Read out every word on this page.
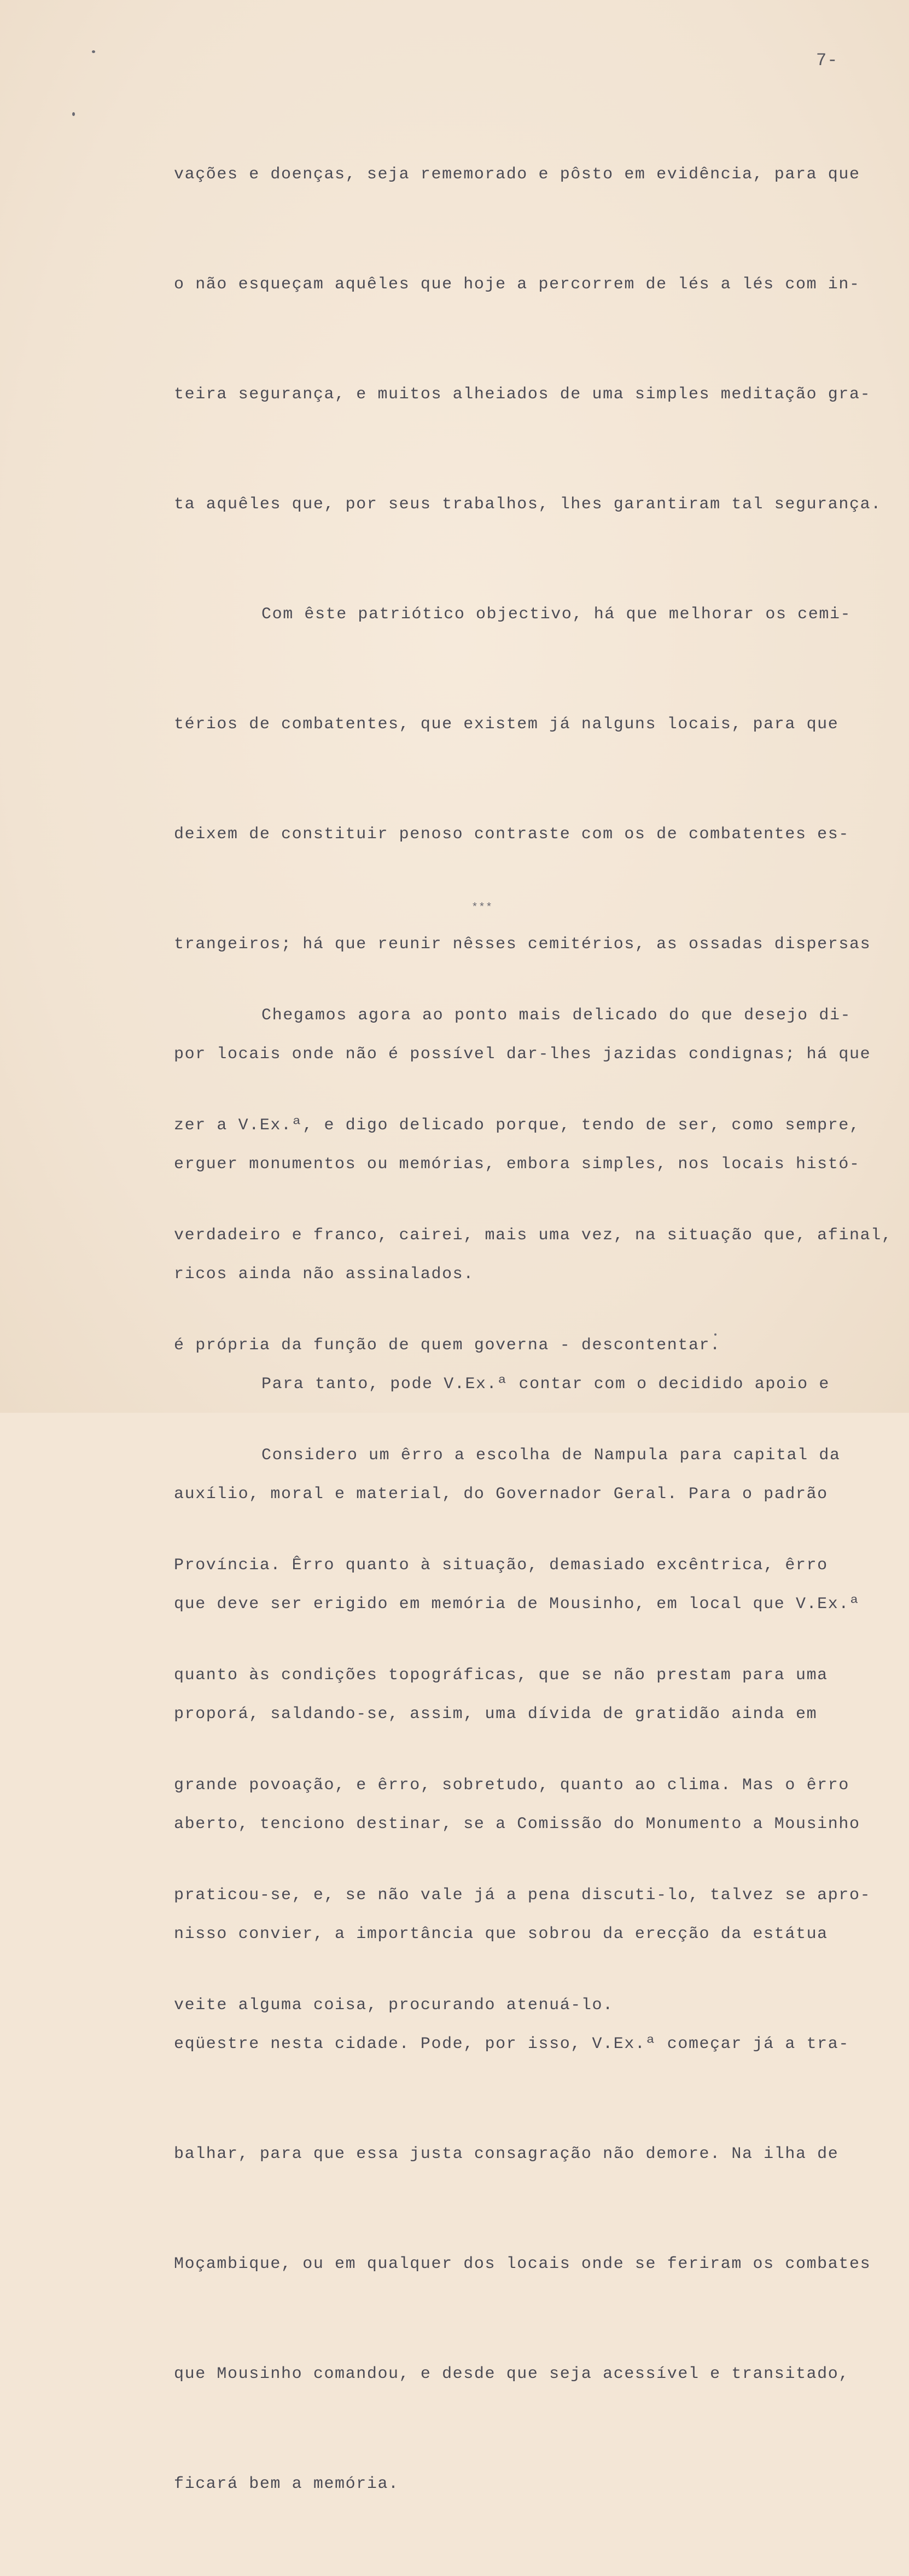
7-

vações e doenças, seja rememorado e pôsto em evidência, para que

o não esqueçam aquêles que hoje a percorrem de lés a lés com in-

teira segurança, e muitos alheiados de uma simples meditação gra-

ta aquêles que, por seus trabalhos, lhes garantiram tal segurança.

Com êste patriótico objectivo, há que melhorar os cemi-

térios de combatentes, que existem já nalguns locais, para que

deixem de constituir penoso contraste com os de combatentes es-

trangeiros; há que reunir nêsses cemitérios, as ossadas dispersas

por locais onde não é possível dar-lhes jazidas condignas; há que

erguer monumentos ou memórias, embora simples, nos locais histó-

ricos ainda não assinalados.

Para tanto, pode V.Ex.ª contar com o decidido apoio e

auxílio, moral e material, do Governador Geral. Para o padrão

que deve ser erigido em memória de Mousinho, em local que V.Ex.ª

proporá, saldando-se, assim, uma dívida de gratidão ainda em

aberto, tenciono destinar, se a Comissão do Monumento a Mousinho

nisso convier, a importância que sobrou da erecção da estátua

eqüestre nesta cidade. Pode, por isso, V.Ex.ª começar já a tra-

balhar, para que essa justa consagração não demore. Na ilha de

Moçambique, ou em qualquer dos locais onde se feriram os combates

que Mousinho comandou, e desde que seja acessível e transitado,

ficará bem a memória.

***

Chegamos agora ao ponto mais delicado do que desejo di-

zer a V.Ex.ª, e digo delicado porque, tendo de ser, como sempre,

verdadeiro e franco, cairei, mais uma vez, na situação que, afinal,

é própria da função de quem governa - descontentar.

Considero um êrro a escolha de Nampula para capital da

Província. Êrro quanto à situação, demasiado excêntrica, êrro

quanto às condições topográficas, que se não prestam para uma

grande povoação, e êrro, sobretudo, quanto ao clima. Mas o êrro

praticou-se, e, se não vale já a pena discuti-lo, talvez se apro-

veite alguma coisa, procurando atenuá-lo.
